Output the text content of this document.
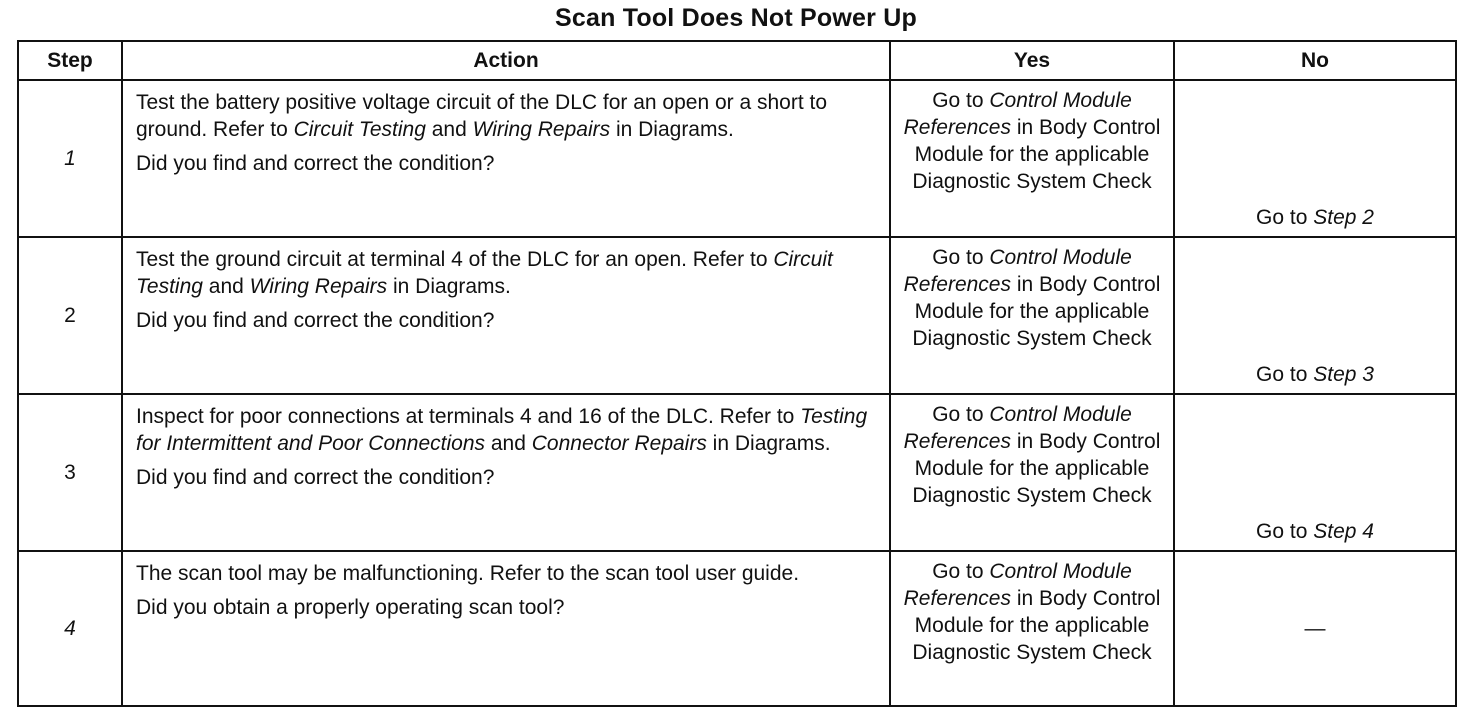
Scan Tool Does Not Power Up
Step	Action	Yes	No
1	Test the battery positive voltage circuit of the DLC for an open or a short to ground. Refer to Circuit Testing and Wiring Repairs in Diagrams.

Did you find and correct the condition?	Go to Control Module References in Body Control Module for the applicable Diagnostic System Check	Go to Step 2
2	Test the ground circuit at terminal 4 of the DLC for an open. Refer to Circuit Testing and Wiring Repairs in Diagrams.

Did you find and correct the condition?	Go to Control Module References in Body Control Module for the applicable Diagnostic System Check	Go to Step 3
3	Inspect for poor connections at terminals 4 and 16 of the DLC. Refer to Testing for Intermittent and Poor Connections and Connector Repairs in Diagrams.

Did you find and correct the condition?	Go to Control Module References in Body Control Module for the applicable Diagnostic System Check	Go to Step 4
4	The scan tool may be malfunctioning. Refer to the scan tool user guide.

Did you obtain a properly operating scan tool?	Go to Control Module References in Body Control Module for the applicable Diagnostic System Check	—
